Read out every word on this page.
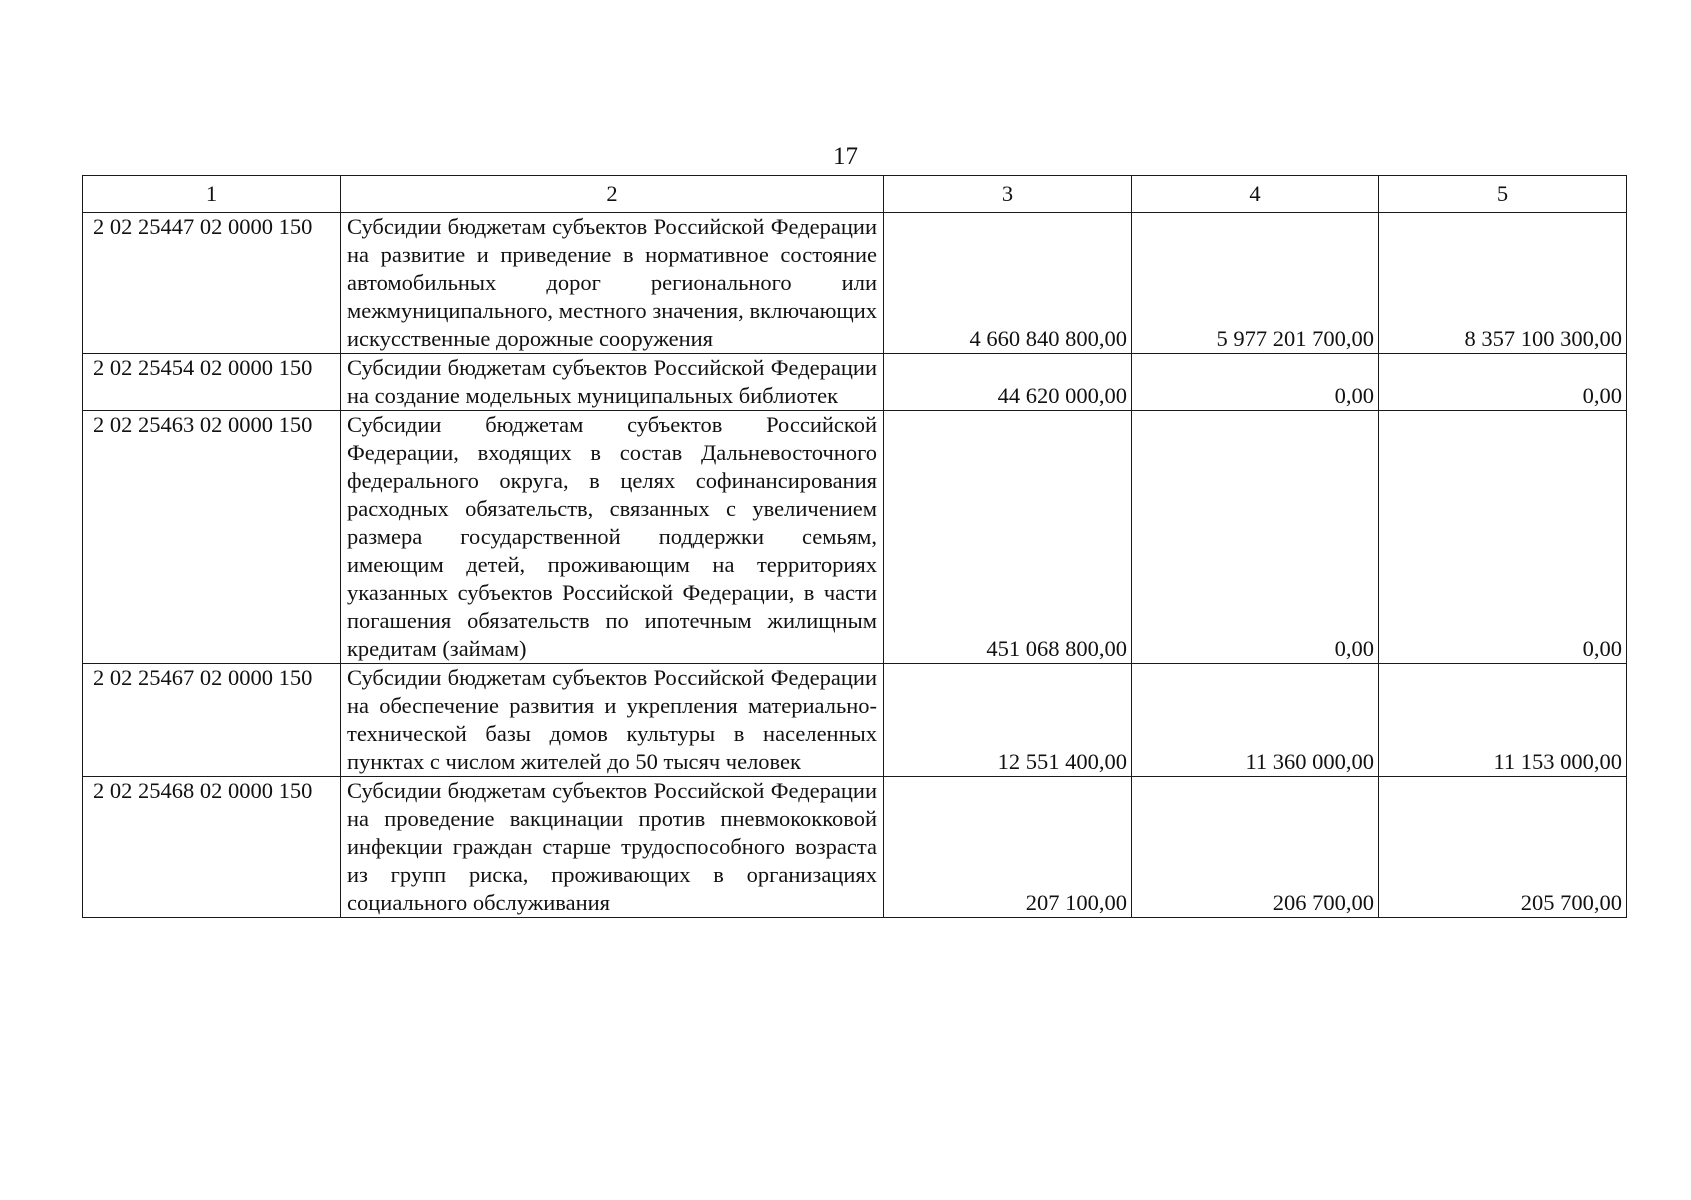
17
1	2	3	4	5
2 02 25447 02 0000 150	Субсидии бюджетам субъектов Российской Федерации на развитие и приведение в нормативное состояние автомобильных дорог регионального или межмуниципального, местного значения, включающих искусственные дорожные сооружения	4 660 840 800,00	5 977 201 700,00	8 357 100 300,00
2 02 25454 02 0000 150	Субсидии бюджетам субъектов Российской Федерации на создание модельных муниципальных библиотек	44 620 000,00	0,00	0,00
2 02 25463 02 0000 150	Субсидии бюджетам субъектов Российской Федерации, входящих в состав Дальневосточного федерального округа, в целях софинансирования расходных обязательств, связанных с увеличением размера государственной поддержки семьям, имеющим детей, проживающим на территориях указанных субъектов Российской Федерации, в части погашения обязательств по ипотечным жилищным кредитам (займам)	451 068 800,00	0,00	0,00
2 02 25467 02 0000 150	Субсидии бюджетам субъектов Российской Федерации на обеспечение развития и укрепления материально-технической базы домов культуры в населенных пунктах с числом жителей до 50 тысяч человек	12 551 400,00	11 360 000,00	11 153 000,00
2 02 25468 02 0000 150	Субсидии бюджетам субъектов Российской Федерации на проведение вакцинации против пневмококковой инфекции граждан старше трудоспособного возраста из групп риска, проживающих в организациях социального обслуживания	207 100,00	206 700,00	205 700,00
